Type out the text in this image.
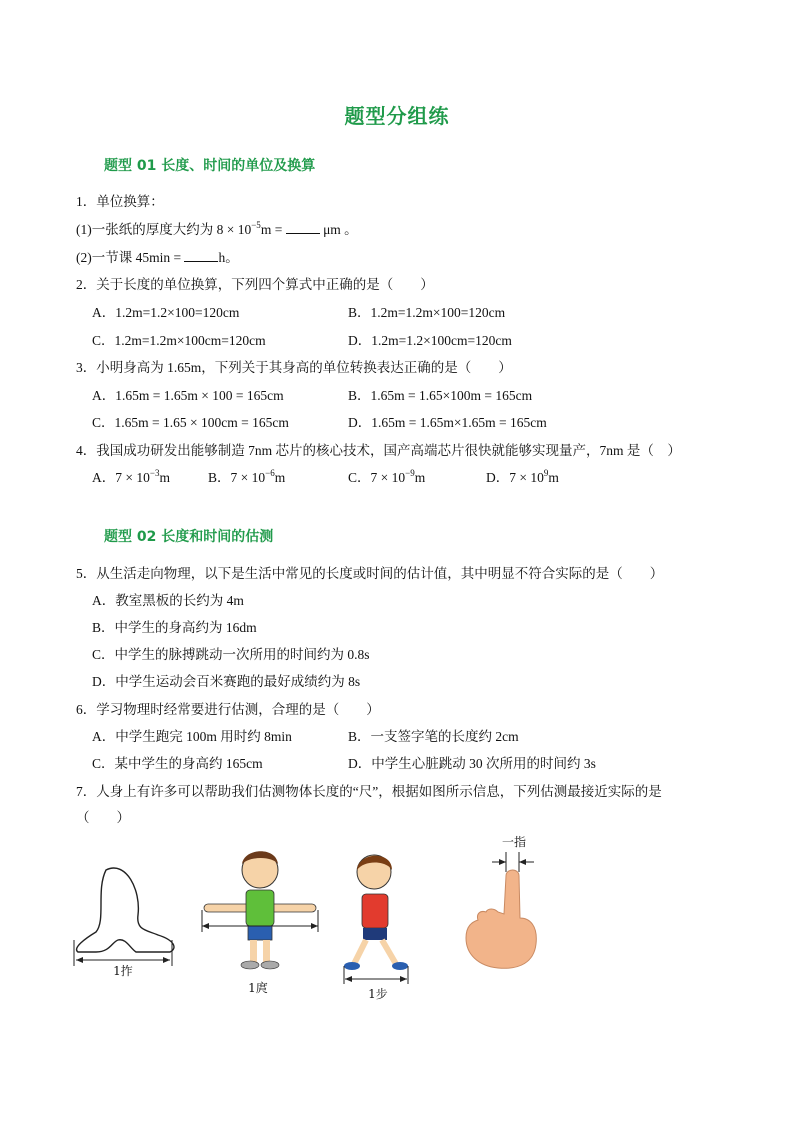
题型分组练
题型 01 长度、时间的单位及换算
1．单位换算：
(1)一张纸的厚度大约为 $8 \times 10^{-5}m$ =	μm 。
(2)一节课 45min =	h。
2．关于长度的单位换算，下列四个算式中正确的是（　　）
A．1.2m=1.2×100=120cm	B．1.2m=1.2m×100=120cm
C．1.2m=1.2m×100cm=120cm	D．1.2m=1.2×100cm=120cm
3．小明身高为 1.65m，下列关于其身高的单位转换表达正确的是（　　）
A．1.65m = 1.65m × 100 = 165cm	B．1.65m = 1.65×100m = 165cm
C．1.65m = 1.65 × 100cm = 165cm	D．1.65m = 1.65m×1.65m = 165cm
4．我国成功研发出能够制造 7nm 芯片的核心技术，国产高端芯片很快就能够实现量产，7nm 是（　）
A．$7 \times 10^{-3}m$	B．$7 \times 10^{-6}m$	C．$7 \times 10^{-9}m$	D．$7 \times 10^9m$
题型 02 长度和时间的估测
5．从生活走向物理，以下是生活中常见的长度或时间的估计值，其中明显不符合实际的是（　　）
A．教室黑板的长约为 4m
B．中学生的身高约为 16dm
C．中学生的脉搏跳动一次所用的时间约为 0.8s
D．中学生运动会百米赛跑的最好成绩约为 8s
6．学习物理时经常要进行估测，合理的是（　　）
A．中学生跑完 100m 用时约 8min	B．一支签字笔的长度约 2cm
C．某中学生的身高约 165cm	D．中学生心脏跳动 30 次所用的时间约 3s
7．人身上有许多可以帮助我们估测物体长度的“尺”，根据如图所示信息，下列估测最接近实际的是
（　　）
1拃
1庹	1步
一指
